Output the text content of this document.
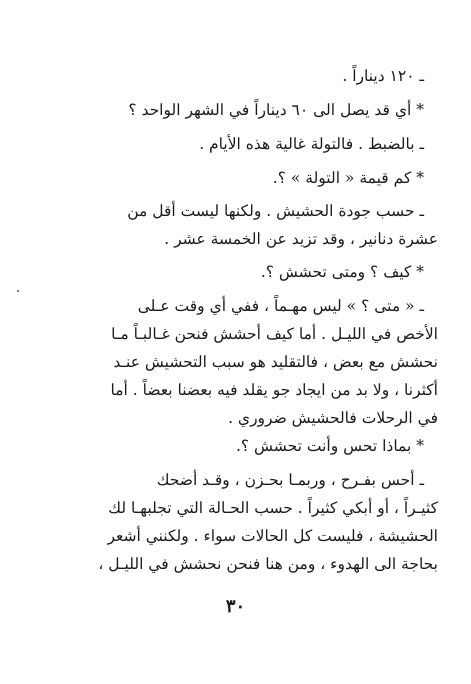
ـ ١٢٠ ديناراً .

* أي قد يصل الى ٦٠ ديناراً في الشهر الواحد ؟

ـ بالضبط . فالتولة غالية هذه الأيام .

* كم قيمة « التولة » ؟.

ـ حسب جودة الحشيش . ولكنها ليست أقل من

عشرة دنانير ، وقد تزيد عن الخمسة عشر .

* كيف ؟ ومتى تحشش ؟.

ـ « متى ؟ » ليس مهـماً ، ففي أي وقت عـلى

الأخص في الليـل . أما كيف أحشش فنحن غـالبـاً مـا

نحشش مع بعض ، فالتقليد هو سبب التحشيش عنـد

أكثرنا ، ولا بد من ايجاد جو يقلد فيه بعضنا بعضاً . أما

في الرحلات فالحشيش ضروري .

* بماذا تحس وأنت تحشش ؟.

ـ أحس بفـرح ، وربمـا بحـزن ، وقـد أضحك

كثيـراً ، أو أبكي كثيراً . حسب الحـالة التي تجلبهـا لك

الحشيشة ، فليست كل الحالات سواء . ولكنني أشعر

بحاجة الى الهدوء ، ومن هنا فنحن نحشش في الليـل ،

٣٠
